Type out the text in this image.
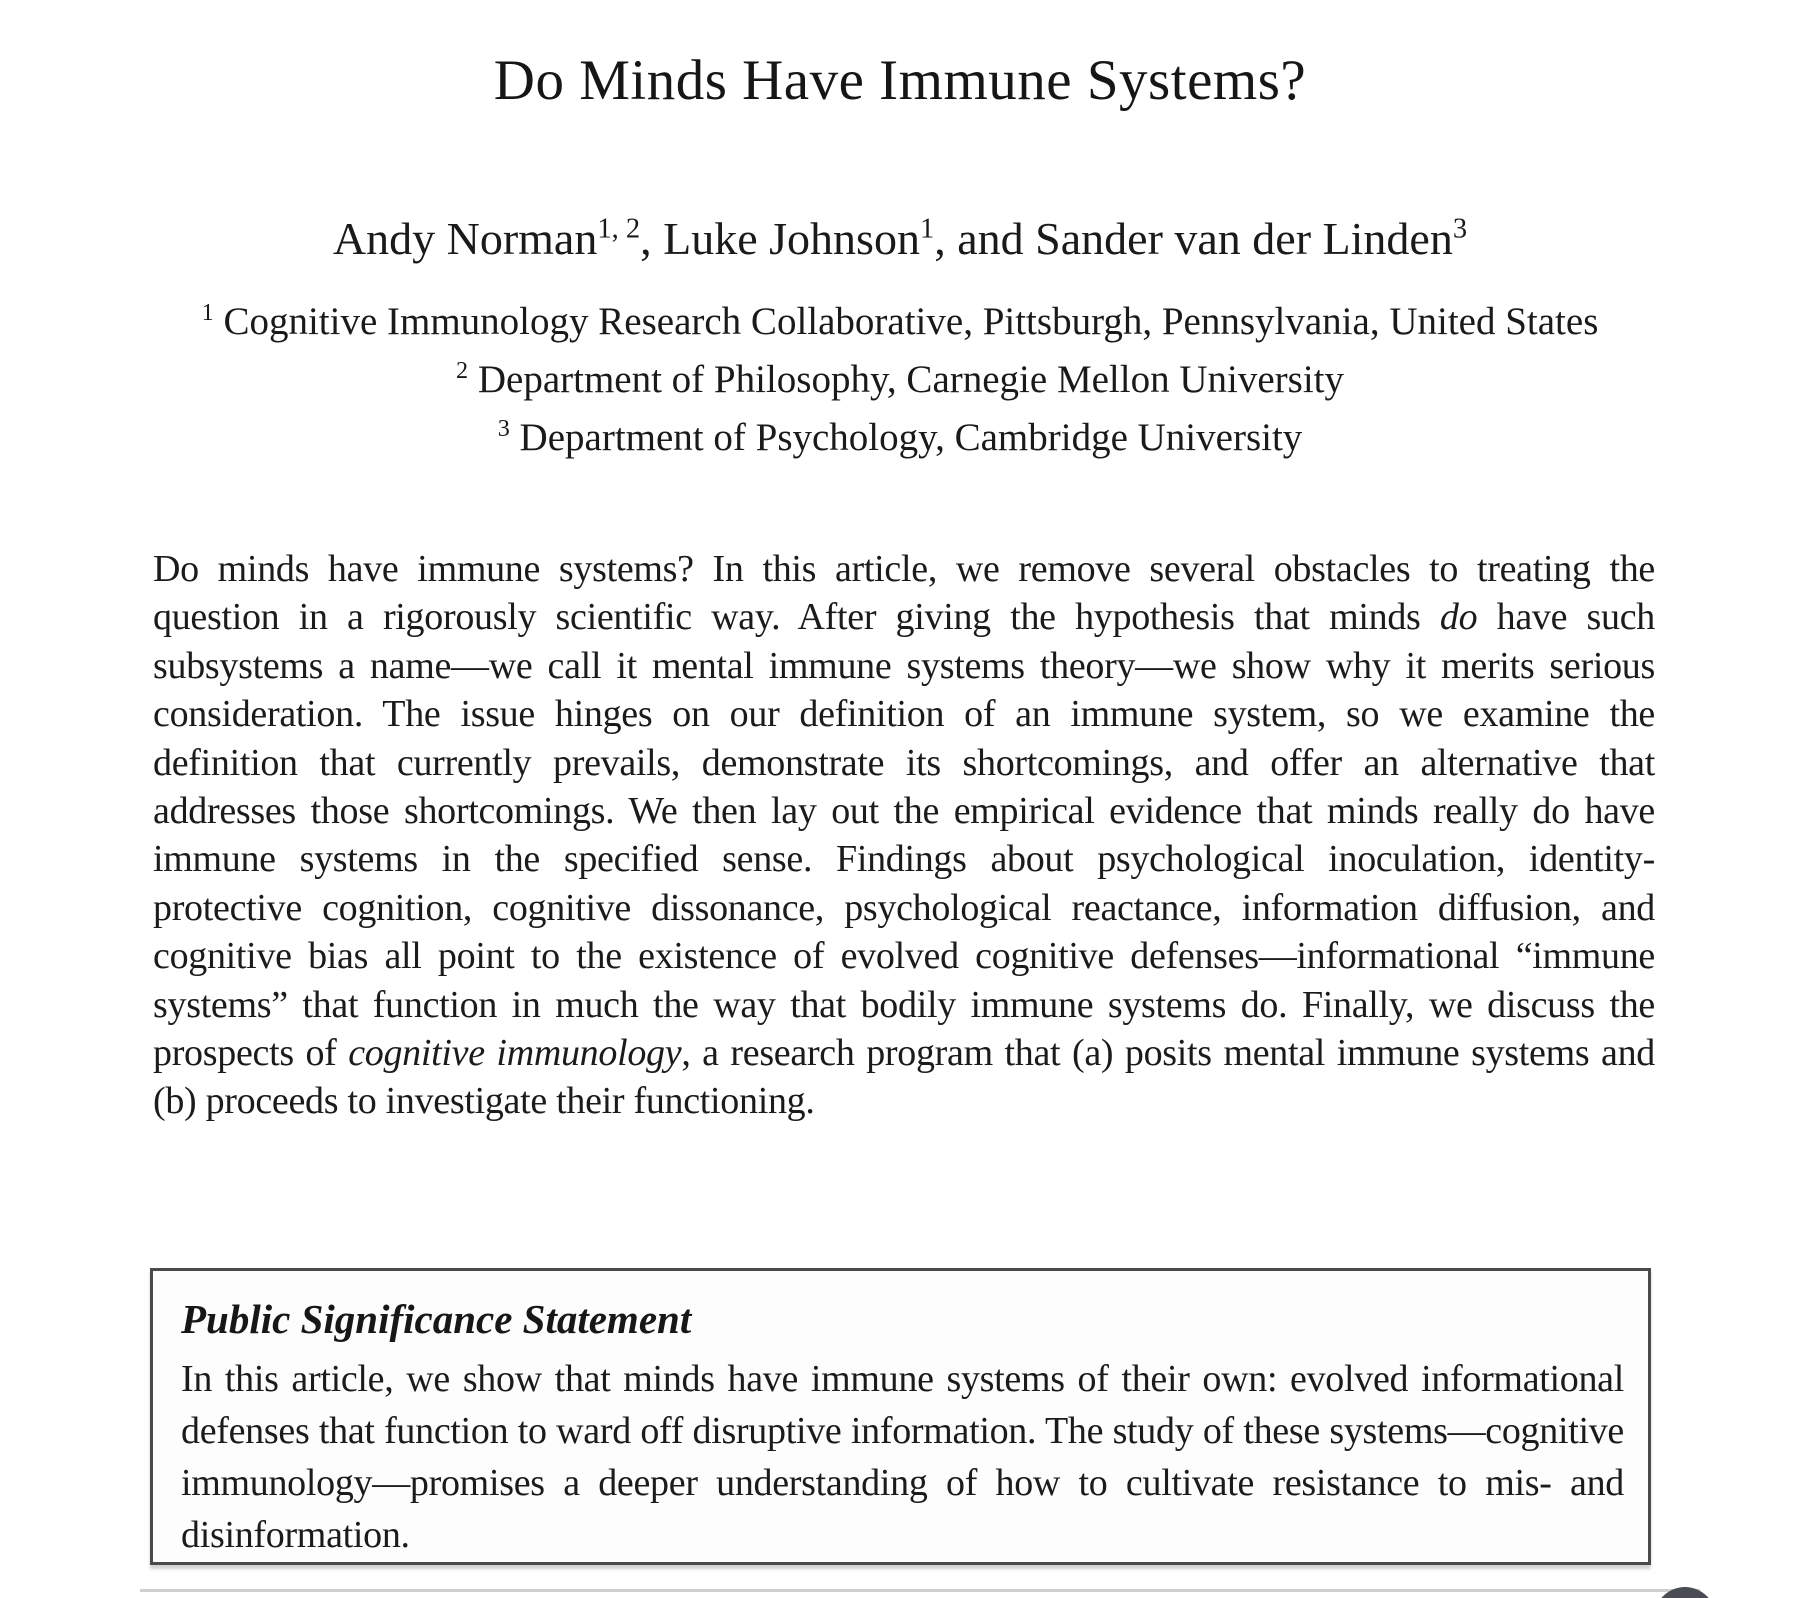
Do Minds Have Immune Systems?
Andy Norman$^{1, 2}$, Luke Johnson$^1$, and Sander van der Linden$^3$
$^1$ Cognitive Immunology Research Collaborative, Pittsburgh, Pennsylvania, United States
$^2$ Department of Philosophy, Carnegie Mellon University
$^3$ Department of Psychology, Cambridge University
Do minds have immune systems? In this article, we remove several obstacles to treating the question in a rigorously scientific way. After giving the hypothesis that minds do have such subsystems a name—we call it mental immune systems theory—we show why it merits serious consideration. The issue hinges on our definition of an immune system, so we examine the definition that currently prevails, demonstrate its shortcomings, and offer an alternative that addresses those shortcomings. We then lay out the empirical evidence that minds really do have immune systems in the specified sense. Findings about psychological inoculation, identity-protective cognition, cognitive dissonance, psychological reactance, information diffusion, and cognitive bias all point to the existence of evolved cognitive defenses—informational “immune systems” that function in much the way that bodily immune systems do. Finally, we discuss the prospects of cognitive immunology, a research program that (a) posits mental immune systems and (b) proceeds to investigate their functioning.
Public Significance Statement
In this article, we show that minds have immune systems of their own: evolved informational defenses that function to ward off disruptive information. The study of these systems—cognitive immunology—promises a deeper understanding of how to cultivate resistance to mis- and disinformation.
